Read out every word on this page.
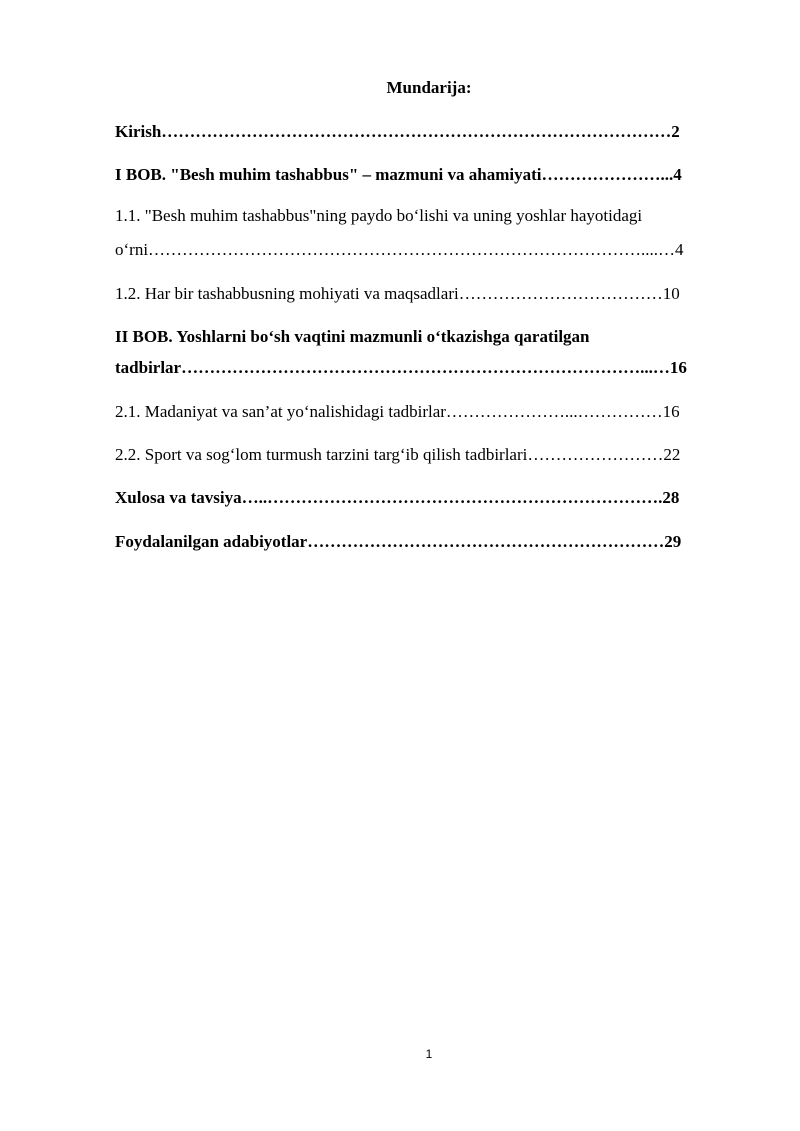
Mundarija:
Kirish………………………………………………………………………………2
I BOB. "Besh muhim tashabbus" – mazmuni va ahamiyati…………………...4
1.1. "Besh muhim tashabbus"ning paydo bo‘lishi va uning yoshlar hayotidagi
o‘rni……………………………………………………………………………....…4
1.2. Har bir tashabbusning mohiyati va maqsadlari………………………………10
II BOB. Yoshlarni bo‘sh vaqtini mazmunli o‘tkazishga qaratilgan
tadbirlar………………………………………………………………………...…16
2.1. Madaniyat va san’at yo‘nalishidagi tadbirlar…………………...……………16
2.2. Sport va sog‘lom turmush tarzini targ‘ib qilish tadbirlari……………………22
Xulosa va tavsiya…..…………………………………………………………….28
Foydalanilgan adabiyotlar………………………………………………………29
1
